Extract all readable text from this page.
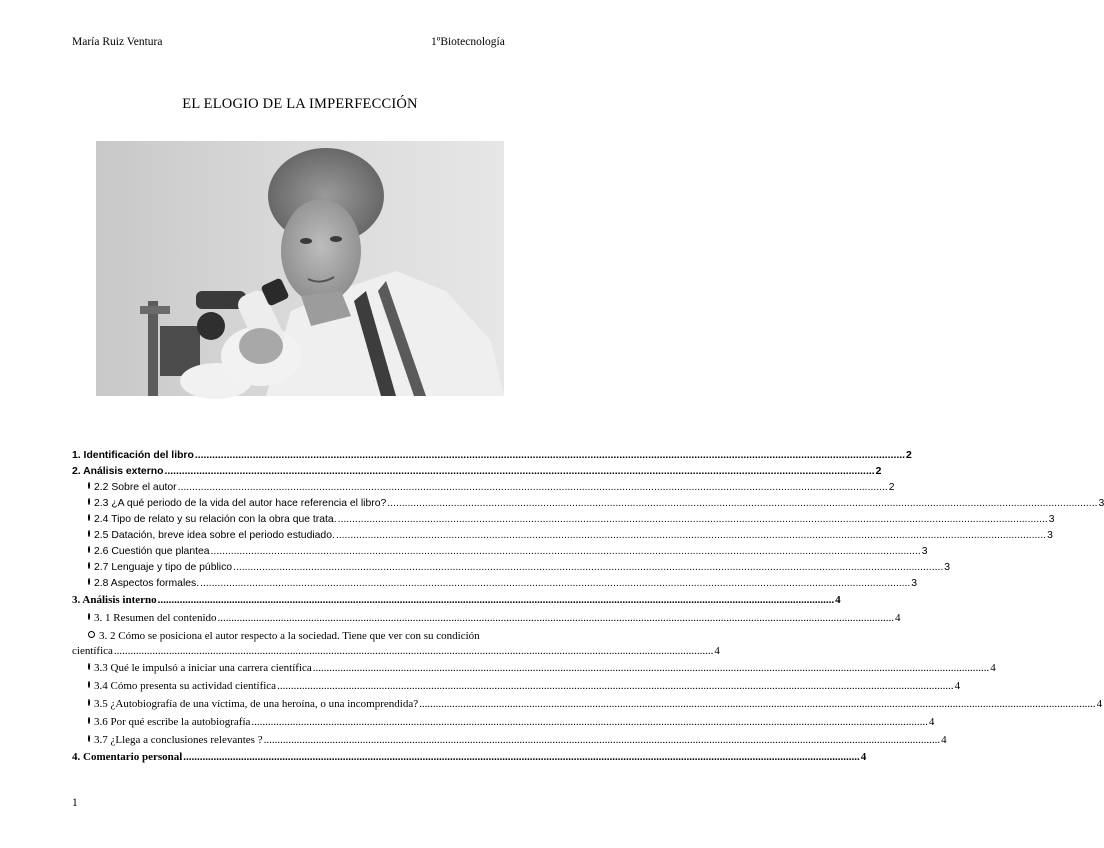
María Ruiz Ventura	1ºBiotecnología
EL ELOGIO DE LA IMPERFECCIÓN
1. Identificación del libro .....	2
2. Análisis externo .....	2
2.2 Sobre el autor .....	2
2.3 ¿A qué periodo de la vida del autor hace referencia el libro? .....	3
2.4 Tipo de relato y su relación con la obra que trata. .....	3
2.5 Datación, breve idea sobre el periodo estudiado. .....	3
2.6 Cuestión que plantea .....	3
2.7 Lenguaje y tipo de público .....	3
2.8 Aspectos formales. .....	3
3. Análisis interno .....	4
3. 1 Resumen del contenido .....	4
3. 2 Cómo se posiciona el autor respecto a la sociedad. Tiene que ver con su condición
científica .......................................................................................................................................................................................................................... 4
3.3 Qué le impulsó a iniciar una carrera científica .....	4
3.4 Cómo presenta su actividad científica .....	4
3.5 ¿Autobiografía de una víctima, de una heroína, o una incomprendida? .....	4
3.6 Por qué escribe la autobiografía .....	4
3.7 ¿Llega a conclusiones relevantes ? .....	4
4. Comentario personal .....	4
1
